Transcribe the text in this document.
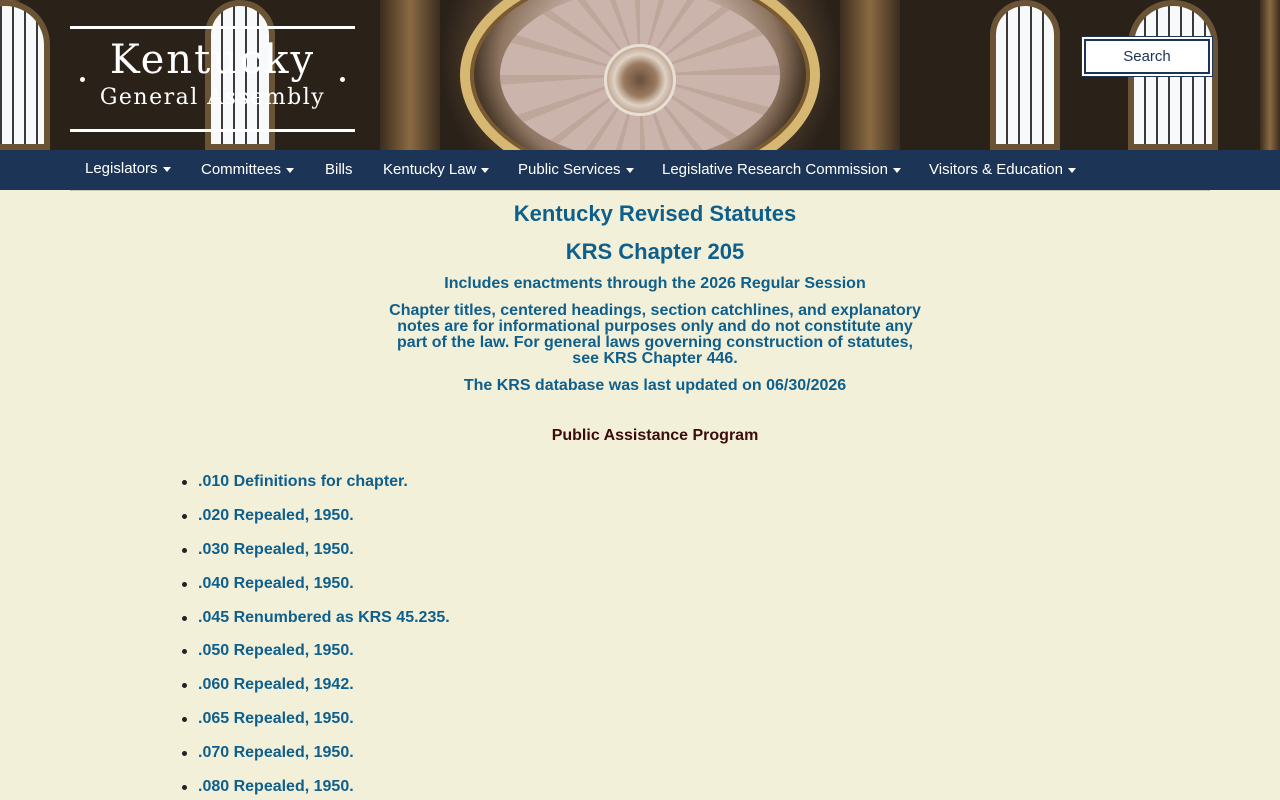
Kentucky
General Assembly
Search
Legislators	Committees	Bills Kentucky Law	Public Services	Legislative Research Commission	Visitors & Education
Kentucky Revised Statutes
KRS Chapter 205
Includes enactments through the 2026 Regular Session
Chapter titles, centered headings, section catchlines, and explanatory notes are for informational purposes only and do not constitute any part of the law. For general laws governing construction of statutes, see KRS Chapter 446.
The KRS database was last updated on 06/30/2026
Public Assistance Program
.010 Definitions for chapter.
.020 Repealed, 1950.
.030 Repealed, 1950.
.040 Repealed, 1950.
.045 Renumbered as KRS 45.235.
.050 Repealed, 1950.
.060 Repealed, 1942.
.065 Repealed, 1950.
.070 Repealed, 1950.
.080 Repealed, 1950.
